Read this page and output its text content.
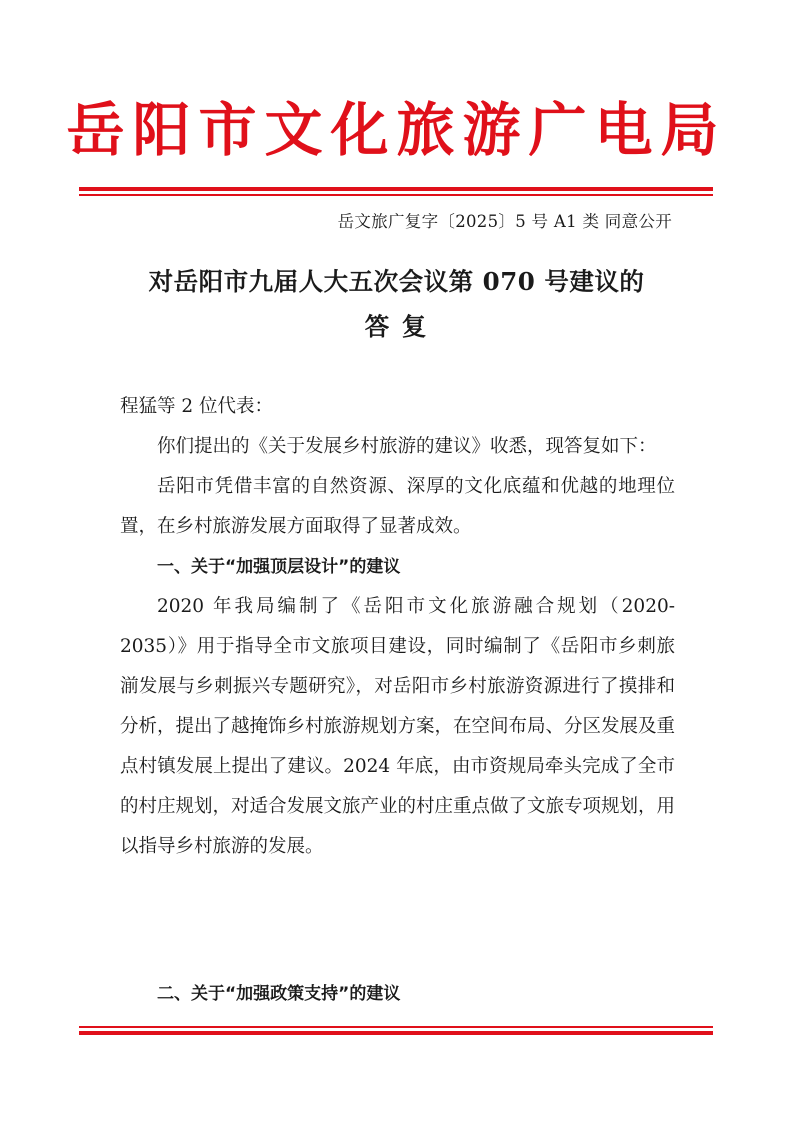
岳阳市文化旅游广电局
岳文旅广复字〔2025〕5 号 A1 类 同意公开
对岳阳市九届人大五次会议第 070 号建议的
答 复

程猛等 2 位代表：

你们提出的《关于发展乡村旅游的建议》收悉，现答复如下：

岳阳市凭借丰富的自然资源、深厚的文化底蕴和优越的地理位置，在乡村旅游发展方面取得了显著成效。

一、关于“加强顶层设计”的建议

2020 年我局编制了《岳阳市文化旅游融合规划（2020-2035）》用于指导全市文旅项目建设，同时编制了《岳阳市乡刺旅湔发展与乡刺振兴专题研究》，对岳阳市乡村旅游资源进行了摸排和分析，提出了越掩饰乡村旅游规划方案，在空间布局、分区发展及重点村镇发展上提出了建议。2024 年底，由市资规局牵头完成了全市的村庄规划，对适合发展文旅产业的村庄重点做了文旅专项规划，用以指导乡村旅游的发展。

二、关于“加强政策支持”的建议
